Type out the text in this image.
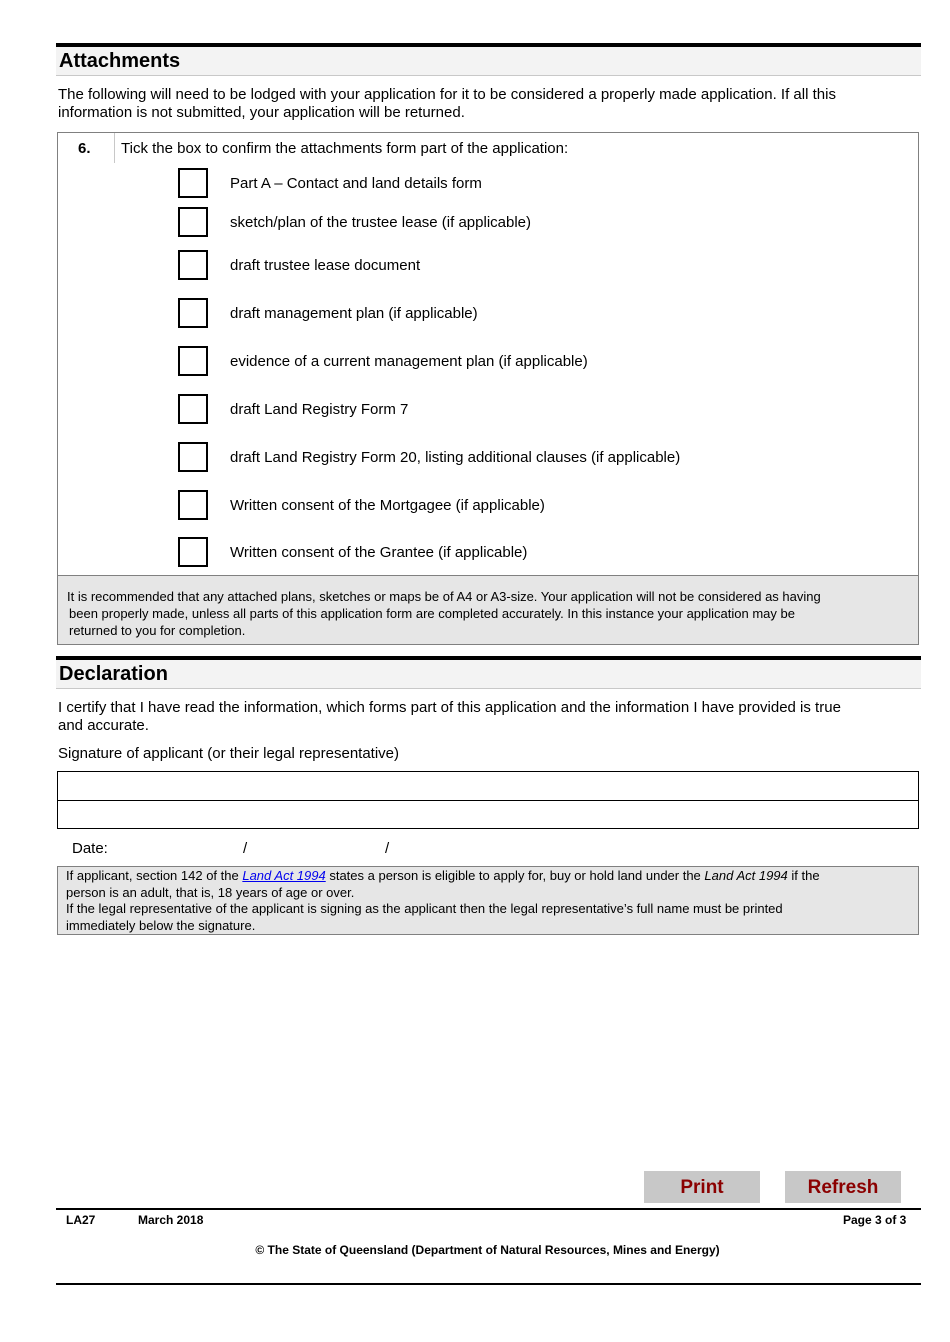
Attachments
The following will need to be lodged with your application for it to be considered a properly made application. If all this
information is not submitted, your application will be returned.
6. Tick the box to confirm the attachments form part of the application:
Part A – Contact and land details form
sketch/plan of the trustee lease (if applicable)
draft trustee lease document
draft management plan (if applicable)
evidence of a current management plan (if applicable)
draft Land Registry Form 7
draft Land Registry Form 20, listing additional clauses (if applicable)
Written consent of the Mortgagee (if applicable)
Written consent of the Grantee (if applicable)
It is recommended that any attached plans, sketches or maps be of A4 or A3-size. Your application will not be considered as having
been properly made, unless all parts of this application form are completed accurately. In this instance your application may be
returned to you for completion.
Declaration
I certify that I have read the information, which forms part of this application and the information I have provided is true
and accurate.
Signature of applicant (or their legal representative)
Date:	/	/
If applicant, section 142 of the Land Act 1994 states a person is eligible to apply for, buy or hold land under the Land Act 1994 if the
person is an adult, that is, 18 years of age or over.
If the legal representative of the applicant is signing as the applicant then the legal representative’s full name must be printed
immediately below the signature.
Print	Refresh
LA27	March 2018	Page 3 of 3
© The State of Queensland (Department of Natural Resources, Mines and Energy)
